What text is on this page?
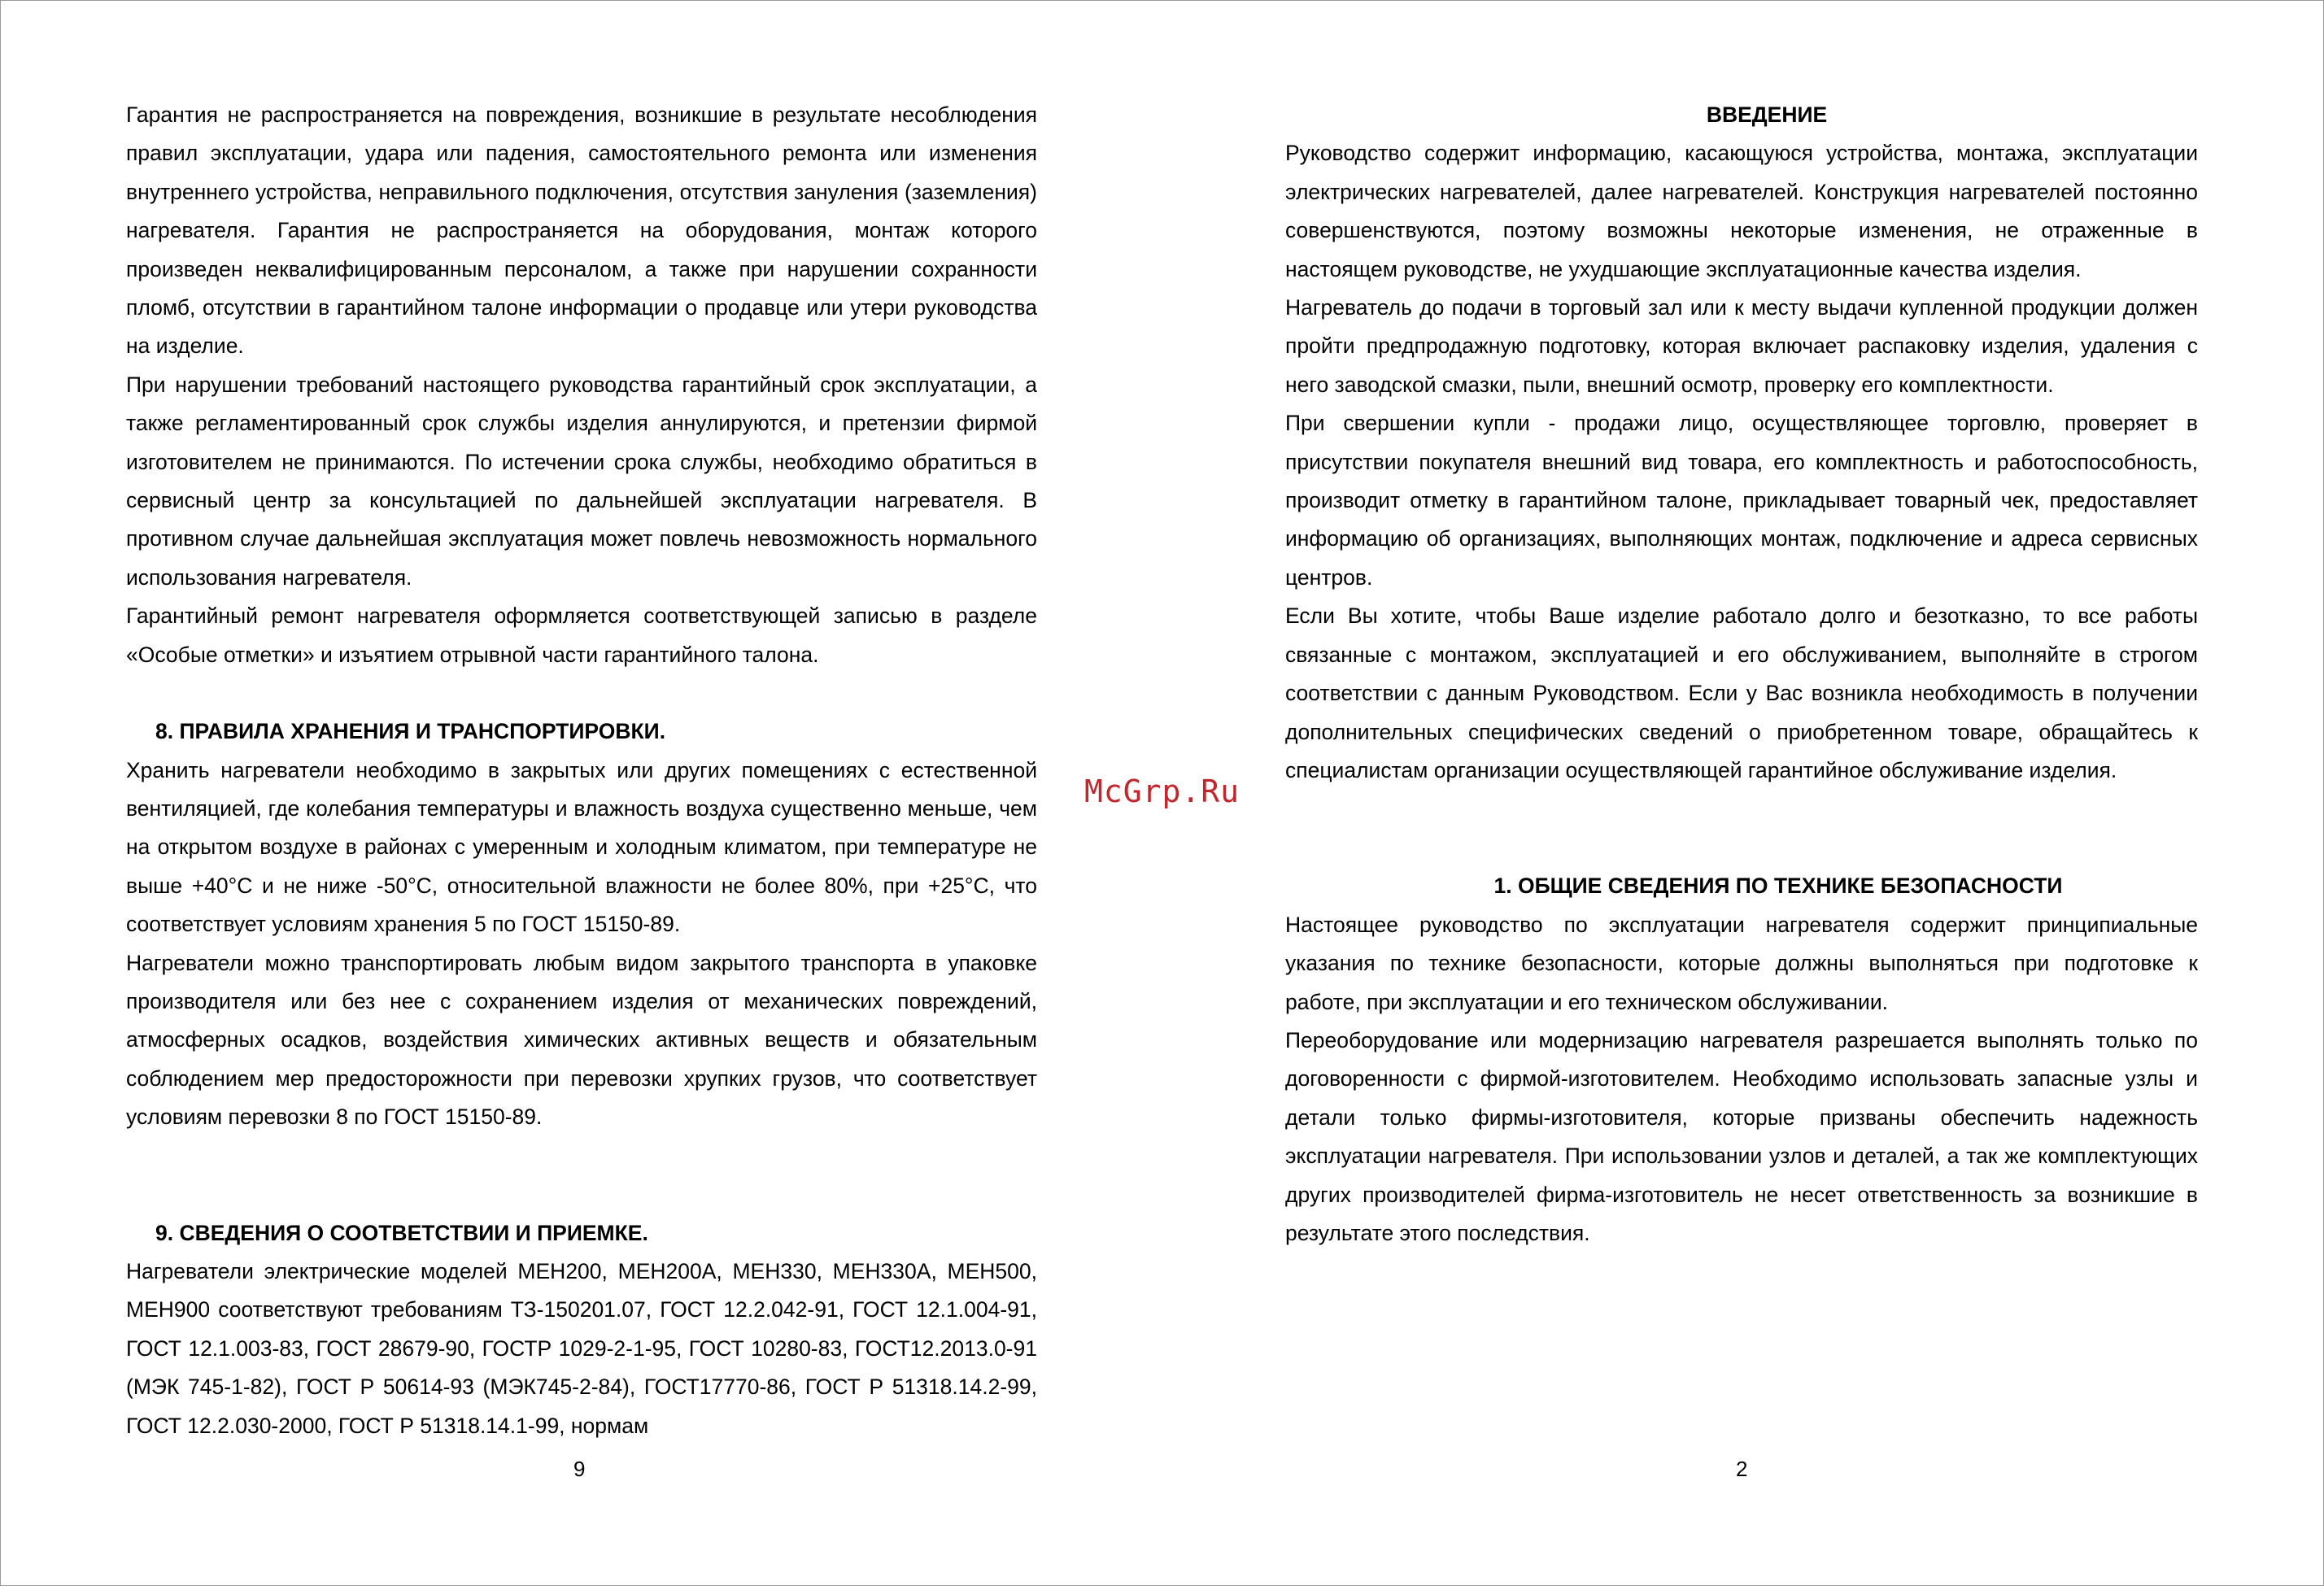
Гарантия не распространяется на повреждения, возникшие в результате несоблюдения правил эксплуатации, удара или падения, самостоятельного ремонта или изменения внутреннего устройства, неправильного подключения, отсутствия зануления (заземления) нагревателя. Гарантия не распространяется на оборудования, монтаж которого произведен неквалифицированным персоналом, а также при нарушении сохранности пломб, отсутствии в гарантийном талоне информации о продавце или утери руководства на изделие.

При нарушении требований настоящего руководства гарантийный срок эксплуатации, а также регламентированный срок службы изделия аннулируются, и претензии фирмой изготовителем не принимаются. По истечении срока службы, необходимо обратиться в сервисный центр за консультацией по дальнейшей эксплуатации нагревателя. В противном случае дальнейшая эксплуатация может повлечь невозможность нормального использования нагревателя.

Гарантийный ремонт нагревателя оформляется соответствующей записью в разделе «Особые отметки» и изъятием отрывной части гарантийного талона.

8. ПРАВИЛА ХРАНЕНИЯ И ТРАНСПОРТИРОВКИ.

Хранить нагреватели необходимо в закрытых или других помещениях с естественной вентиляцией, где колебания температуры и влажность воздуха существенно меньше, чем на открытом воздухе в районах с умеренным и холодным климатом, при температуре не выше +40°С и не ниже -50°С, относительной влажности не более 80%, при +25°С, что соответствует условиям хранения 5 по ГОСТ 15150-89.

Нагреватели можно транспортировать любым видом закрытого транспорта в упаковке производителя или без нее с сохранением изделия от механических повреждений, атмосферных осадков, воздействия химических активных веществ и обязательным соблюдением мер предосторожности при перевозки хрупких грузов, что соответствует условиям перевозки 8 по ГОСТ 15150-89.

9. СВЕДЕНИЯ О СООТВЕТСТВИИ И ПРИЕМКЕ.

Нагреватели электрические моделей МЕН200, МЕН200А, МЕН330, МЕН330А, МЕН500, МЕН900 соответствуют требованиям ТЗ-150201.07, ГОСТ 12.2.042-91, ГОСТ 12.1.004-91, ГОСТ 12.1.003-83, ГОСТ 28679-90, ГОСТР 1029-2-1-95, ГОСТ 10280-83, ГОСТ12.2013.0-91 (МЭК 745-1-82), ГОСТ Р 50614-93 (МЭК745-2-84), ГОСТ17770-86, ГОСТ Р 51318.14.2-99, ГОСТ 12.2.030-2000, ГОСТ Р 51318.14.1-99, нормам

9
McGrp.Ru

ВВЕДЕНИЕ

Руководство содержит информацию, касающуюся устройства, монтажа, эксплуатации электрических нагревателей, далее нагревателей. Конструкция нагревателей постоянно совершенствуются, поэтому возможны некоторые изменения, не отраженные в настоящем руководстве, не ухудшающие эксплуатационные качества изделия.

Нагреватель до подачи в торговый зал или к месту выдачи купленной продукции должен пройти предпродажную подготовку, которая включает распаковку изделия, удаления с него заводской смазки, пыли, внешний осмотр, проверку его комплектности.

При свершении купли - продажи лицо, осуществляющее торговлю, проверяет в присутствии покупателя внешний вид товара, его комплектность и работоспособность, производит отметку в гарантийном талоне, прикладывает товарный чек, предоставляет информацию об организациях, выполняющих монтаж, подключение и адреса сервисных центров.

Если Вы хотите, чтобы Ваше изделие работало долго и безотказно, то все работы связанные с монтажом, эксплуатацией и его обслуживанием, выполняйте в строгом соответствии с данным Руководством. Если у Вас возникла необходимость в получении дополнительных специфических сведений о приобретенном товаре, обращайтесь к специалистам организации осуществляющей гарантийное обслуживание изделия.

1. ОБЩИЕ СВЕДЕНИЯ ПО ТЕХНИКЕ БЕЗОПАСНОСТИ

Настоящее руководство по эксплуатации нагревателя содержит принципиальные указания по технике безопасности, которые должны выполняться при подготовке к работе, при эксплуатации и его техническом обслуживании.

Переоборудование или модернизацию нагревателя разрешается выполнять только по договоренности с фирмой-изготовителем. Необходимо использовать запасные узлы и детали только фирмы-изготовителя, которые призваны обеспечить надежность эксплуатации нагревателя. При использовании узлов и деталей, а так же комплектующих других производителей фирма-изготовитель не несет ответственность за возникшие в результате этого последствия.

2
